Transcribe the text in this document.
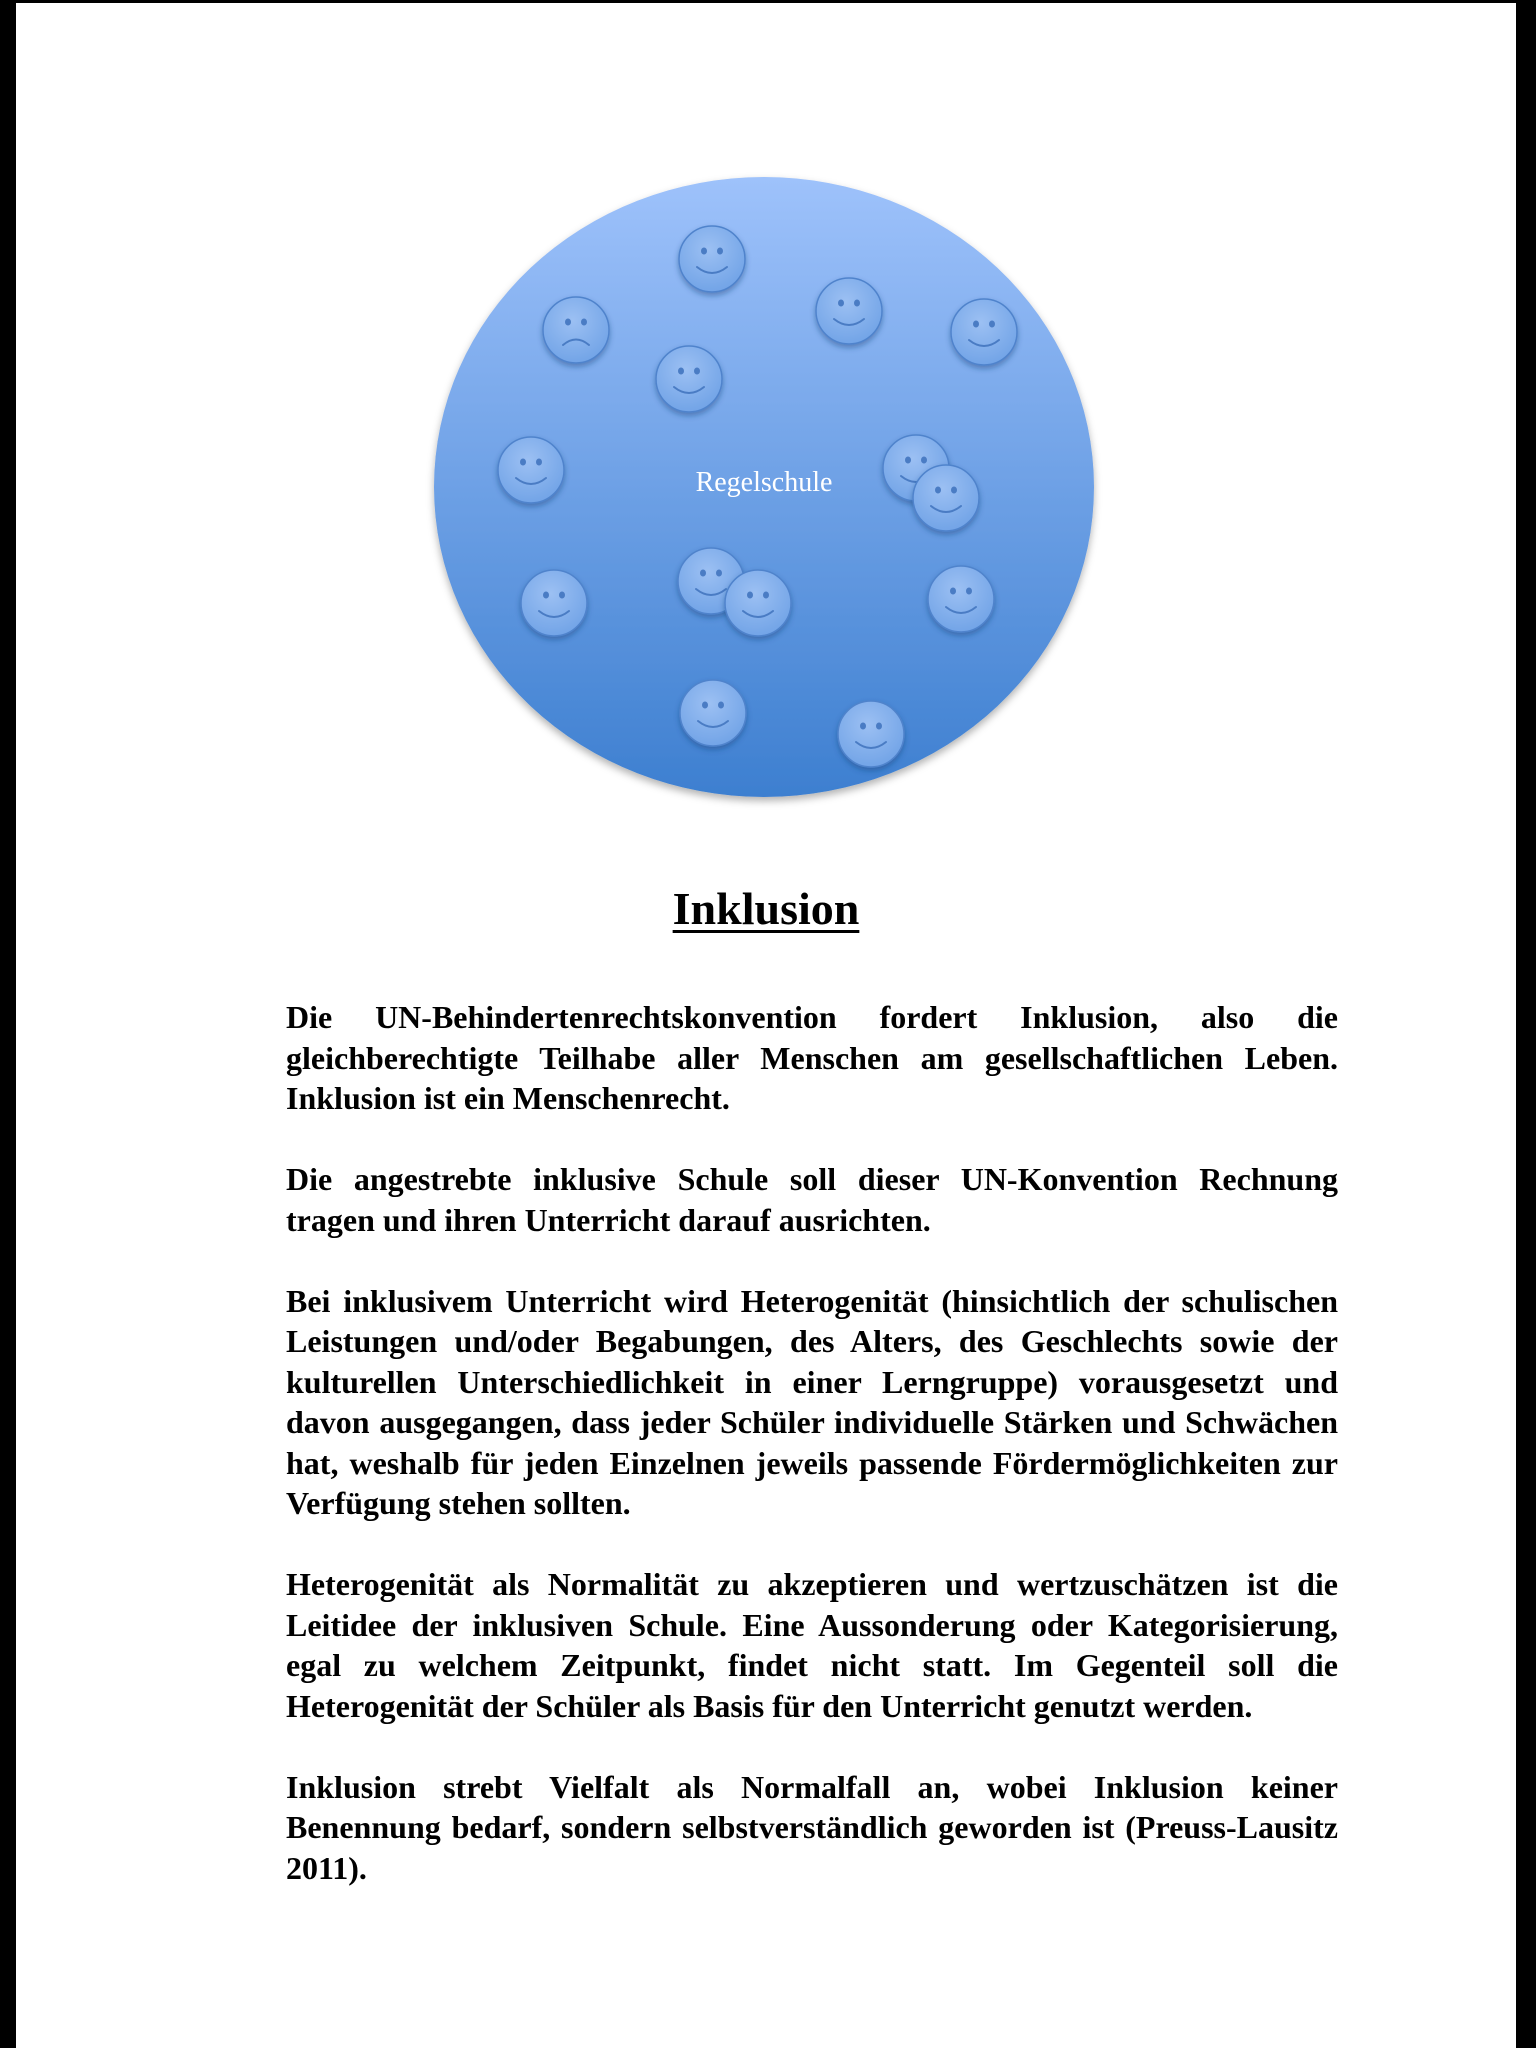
Regelschule
Inklusion

Die UN-Behindertenrechtskonvention fordert Inklusion, also die gleichberechtigte Teilhabe aller Menschen am gesellschaftlichen Leben. Inklusion ist ein Menschenrecht.

Die angestrebte inklusive Schule soll dieser UN-Konvention Rechnung tragen und ihren Unterricht darauf ausrichten.

Bei inklusivem Unterricht wird Heterogenität (hinsichtlich der schulischen Leistungen und/oder Begabungen, des Alters, des Geschlechts sowie der kulturellen Unterschiedlichkeit in einer Lerngruppe) vorausgesetzt und davon ausgegangen, dass jeder Schüler individuelle Stärken und Schwächen hat, weshalb für jeden Einzelnen jeweils passende Fördermöglichkeiten zur Verfügung stehen sollten.

Heterogenität als Normalität zu akzeptieren und wertzuschätzen ist die Leitidee der inklusiven Schule. Eine Aussonderung oder Kategorisierung, egal zu welchem Zeitpunkt, findet nicht statt. Im Gegenteil soll die Heterogenität der Schüler als Basis für den Unterricht genutzt werden.

Inklusion strebt Vielfalt als Normalfall an, wobei Inklusion keiner Benennung bedarf, sondern selbstverständlich geworden ist (Preuss-Lausitz 2011).
